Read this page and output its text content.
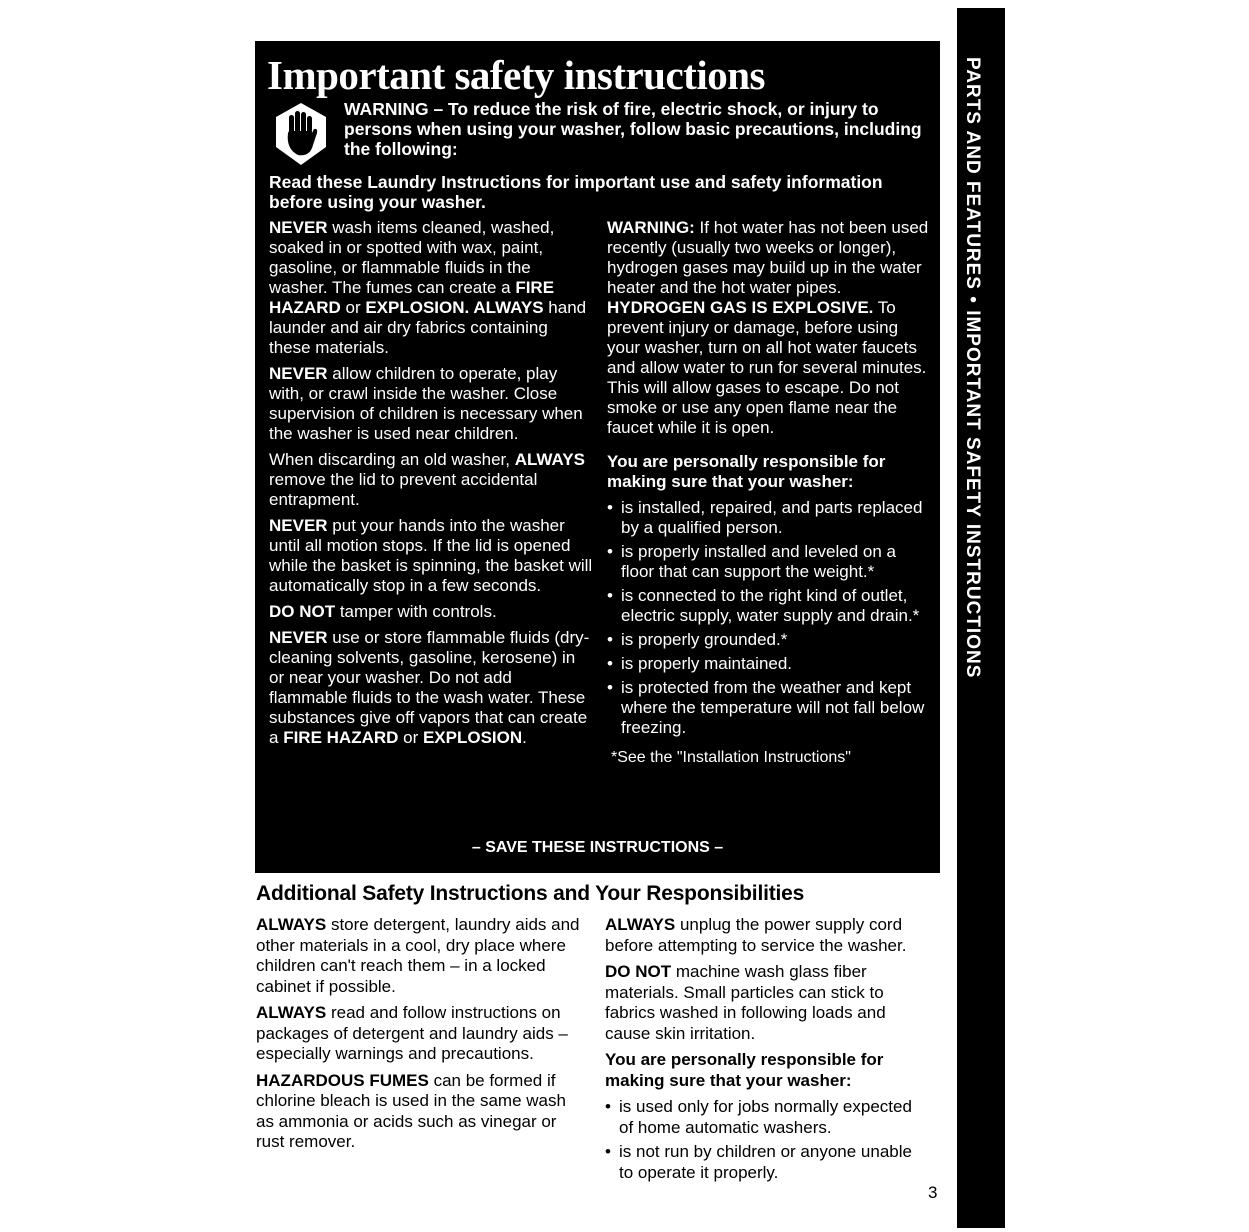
Important safety instructions
WARNING – To reduce the risk of fire, electric shock, or injury to persons when using your washer, follow basic precautions, including the following:
Read these Laundry Instructions for important use and safety information before using your washer.

NEVER wash items cleaned, washed, soaked in or spotted with wax, paint, gasoline, or flammable fluids in the washer. The fumes can create a FIRE HAZARD or EXPLOSION. ALWAYS hand launder and air dry fabrics containing these materials.

NEVER allow children to operate, play with, or crawl inside the washer. Close supervision of children is necessary when the washer is used near children.

When discarding an old washer, ALWAYS remove the lid to prevent accidental entrapment.

NEVER put your hands into the washer until all motion stops. If the lid is opened while the basket is spinning, the basket will automatically stop in a few seconds.

DO NOT tamper with controls.

NEVER use or store flammable fluids (dry-cleaning solvents, gasoline, kerosene) in or near your washer. Do not add flammable fluids to the wash water. These substances give off vapors that can create a FIRE HAZARD or EXPLOSION.

WARNING: If hot water has not been used recently (usually two weeks or longer), hydrogen gases may build up in the water heater and the hot water pipes. HYDROGEN GAS IS EXPLOSIVE. To prevent injury or damage, before using your washer, turn on all hot water faucets and allow water to run for several minutes. This will allow gases to escape. Do not smoke or use any open flame near the faucet while it is open.

You are personally responsible for making sure that your washer:

• is installed, repaired, and parts replaced by a qualified person.
• is properly installed and leveled on a floor that can support the weight.*
• is connected to the right kind of outlet, electric supply, water supply and drain.*
• is properly grounded.*
• is properly maintained.
• is protected from the weather and kept where the temperature will not fall below freezing.
*See the "Installation Instructions"
– SAVE THESE INSTRUCTIONS –
Additional Safety Instructions and Your Responsibilities

ALWAYS store detergent, laundry aids and other materials in a cool, dry place where children can't reach them – in a locked cabinet if possible.

ALWAYS read and follow instructions on packages of detergent and laundry aids – especially warnings and precautions.

HAZARDOUS FUMES can be formed if chlorine bleach is used in the same wash as ammonia or acids such as vinegar or rust remover.

ALWAYS unplug the power supply cord before attempting to service the washer.

DO NOT machine wash glass fiber materials. Small particles can stick to fabrics washed in following loads and cause skin irritation.

You are personally responsible for making sure that your washer:

• is used only for jobs normally expected of home automatic washers.
• is not run by children or anyone unable to operate it properly.
PARTS AND FEATURES • IMPORTANT SAFETY INSTRUCTIONS
3
